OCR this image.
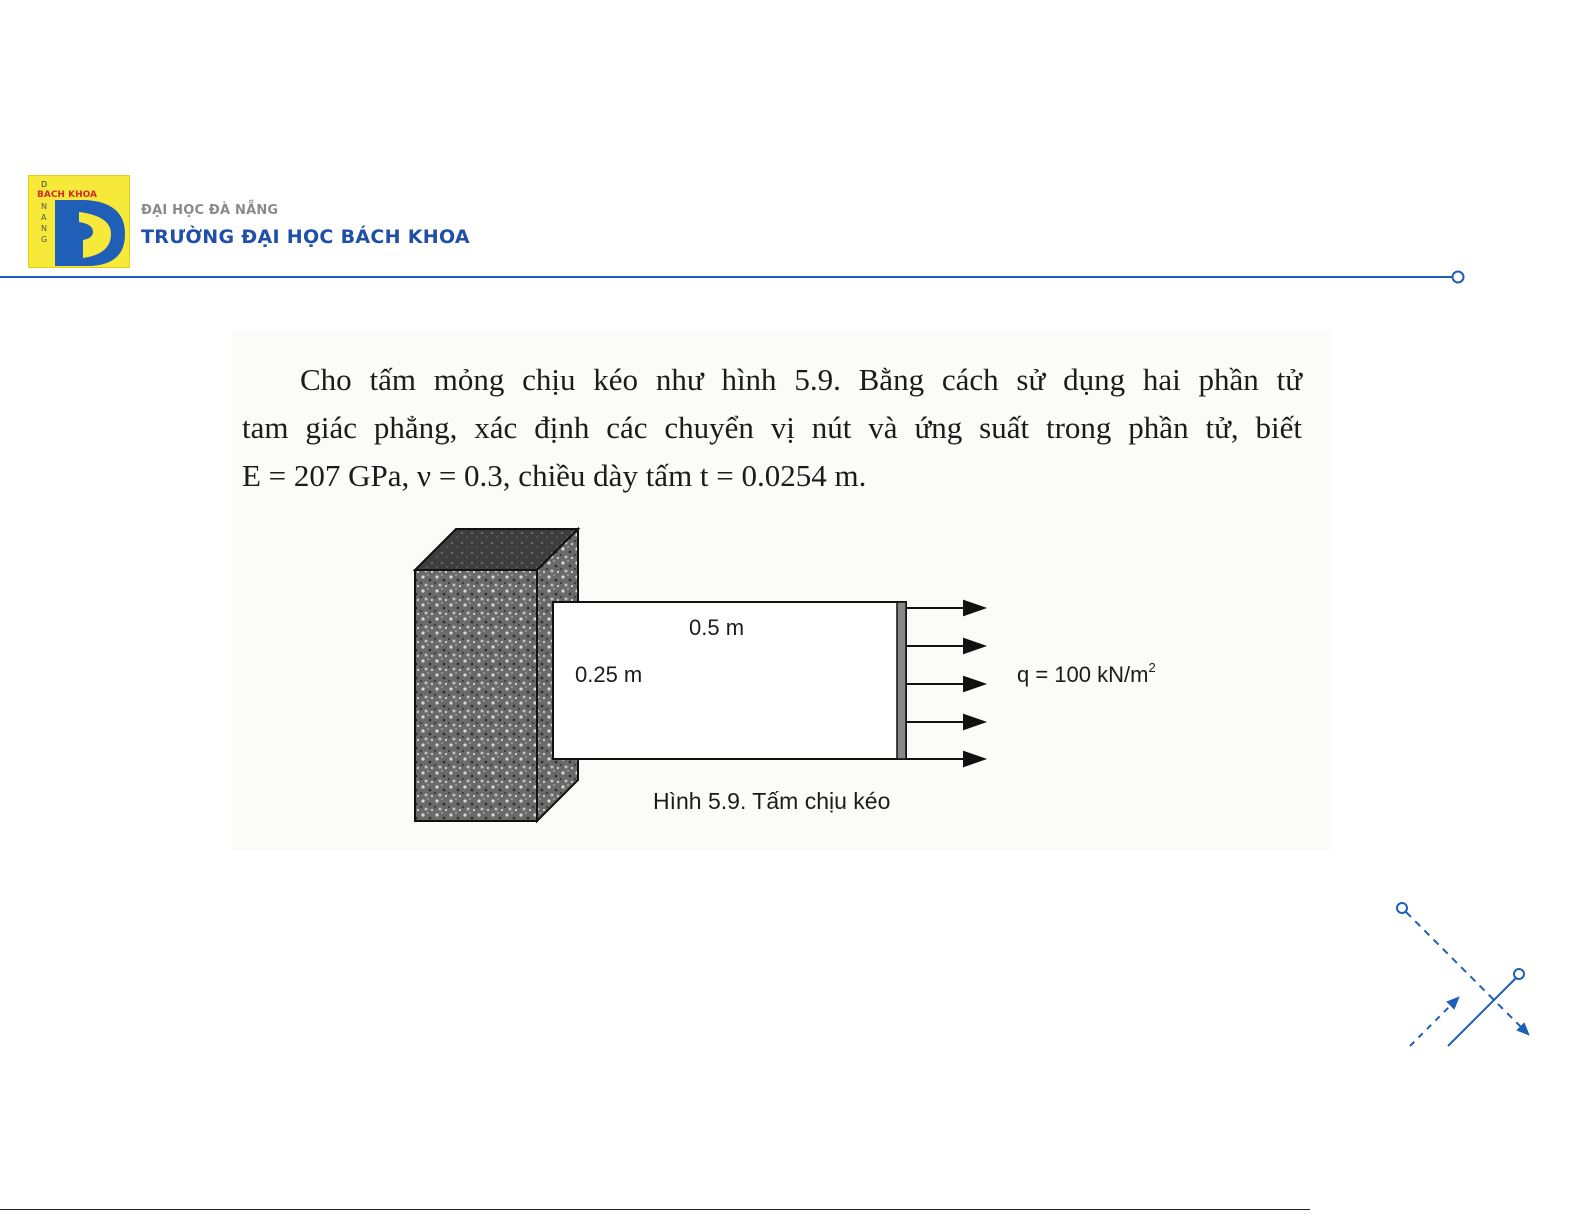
D
BACH KHOA
N
A
N
G
ĐẠI HỌC ĐÀ NẴNG
TRƯỜNG ĐẠI HỌC BÁCH KHOA
Cho tấm mỏng chịu kéo như hình 5.9. Bằng cách sử dụng hai phần tử
tam giác phẳng, xác định các chuyển vị nút và ứng suất trong phần tử, biết
E = 207 GPa, ν = 0.3, chiều dày tấm t = 0.0254 m.
0.5 m
0.25 m	q = 100 $kN/m^2$
Hình 5.9. Tấm chịu kéo
